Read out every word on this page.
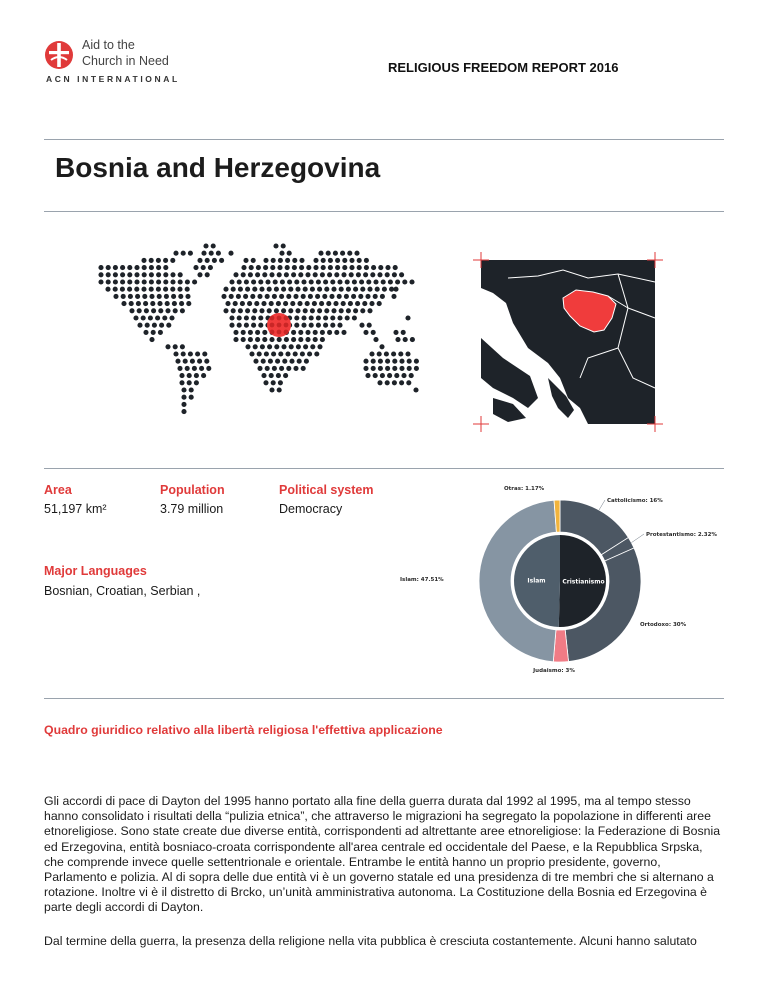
Aid to the
Church in Need
ACN INTERNATIONAL
RELIGIOUS FREEDOM REPORT 2016
Bosnia and Herzegovina
Area
51,197 km²
Population
3.79 million
Political system
Democracy
Major Languages
Bosnian, Croatian, Serbian ,
Cattolicismo: 16%
Protestantismo: 2.32%
Ortodoxo: 30%
Judaismo: 3%
Islam: 47.51%
Otras: 1.17%
Cristianismo
Islam
Quadro giuridico relativo alla libertà religiosa l'effettiva applicazione
Gli accordi di pace di Dayton del 1995 hanno portato alla fine della guerra durata dal 1992 al 1995, ma al tempo stesso hanno consolidato i risultati della “pulizia etnica”, che attraverso le migrazioni ha segregato la popolazione in differenti aree etnoreligiose. Sono state create due diverse entità, corrispondenti ad altrettante aree etnoreligiose: la Federazione di Bosnia ed Erzegovina, entità bosniaco-croata corrispondente all'area centrale ed occidentale del Paese, e la Repubblica Srpska, che comprende invece quelle settentrionale e orientale. Entrambe le entità hanno un proprio presidente, governo, Parlamento e polizia. Al di sopra delle due entità vi è un governo statale ed una presidenza di tre membri che si alternano a rotazione. Inoltre vi è il distretto di Brcko, un’unità amministrativa autonoma. La Costituzione della Bosnia ed Erzegovina è parte degli accordi di Dayton.
Dal termine della guerra, la presenza della religione nella vita pubblica è cresciuta costantemente. Alcuni hanno salutato
